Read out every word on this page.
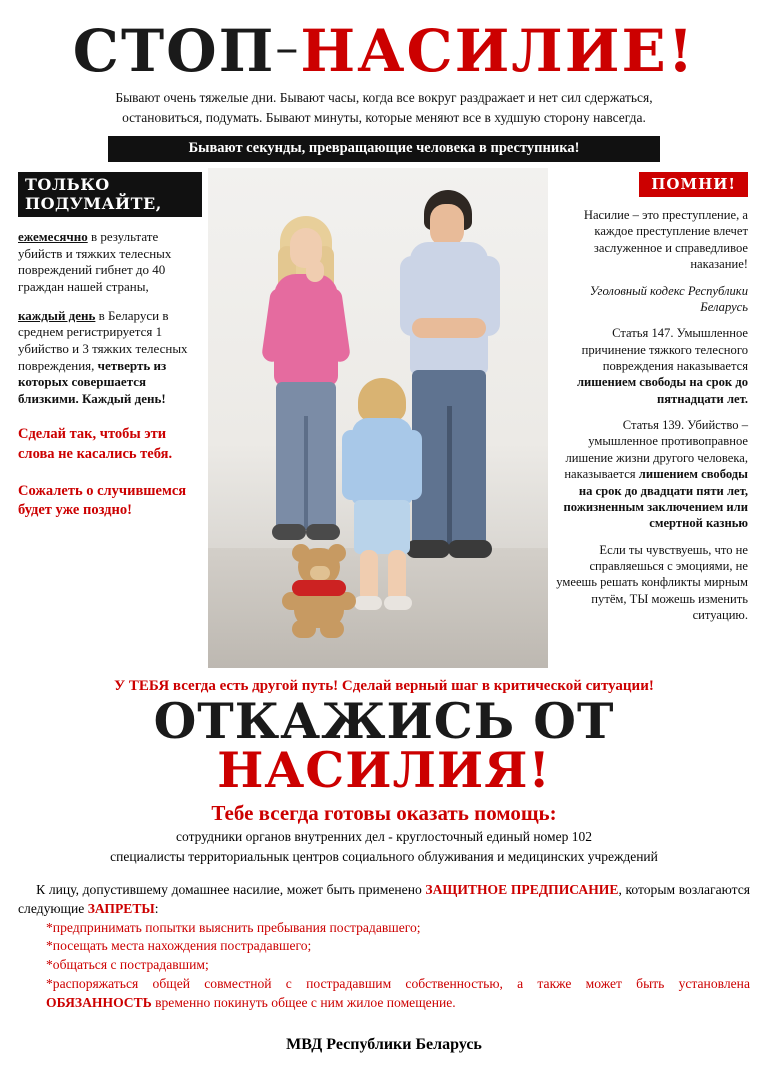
СТОП–НАСИЛИЕ!
Бывают очень тяжелые дни. Бывают часы, когда все вокруг раздражает и нет сил сдержаться,
остановиться, подумать. Бывают минуты, которые меняют все в худшую сторону навсегда.
Бывают секунды, превращающие человека в преступника!
ТОЛЬКО ПОДУМАЙТЕ,
ежемесячно в результате убийств и тяжких телесных повреждений гибнет до 40 граждан нашей страны,
каждый день в Беларуси в среднем регистрируется 1 убийство и 3 тяжких телесных повреждения, четверть из которых совершается близкими. Каждый день!
Сделай так, чтобы эти слова не касались тебя.
Сожалеть о случившемся будет уже поздно!
ПОМНИ!
Насилие – это преступление, а каждое преступление влечет заслуженное и справедливое наказание!
Уголовный кодекс Республики Беларусь
Статья 147. Умышленное причинение тяжкого телесного повреждения наказывается лишением свободы на срок до пятнадцати лет.
Статья 139. Убийство – умышленное противоправное лишение жизни другого человека, наказывается лишением свободы на срок до двадцати пяти лет, пожизненным заключением или смертной казнью
Если ты чувствуешь, что не справляешься с эмоциями, не умеешь решать конфликты мирным путём, ТЫ можешь изменить ситуацию.
У ТЕБЯ всегда есть другой путь! Сделай верный шаг в критической ситуации!
ОТКАЖИСЬ ОТ НАСИЛИЯ!
Тебе всегда готовы оказать помощь:
сотрудники органов внутренних дел - круглосточный единый номер 102
специалисты территориальнык центров социального облуживания и медицинских учреждений
К лицу, допустившему домашнее насилие, может быть применено ЗАЩИТНОЕ ПРЕДПИСАНИЕ, которым возлагаются следующие ЗАПРЕТЫ:
*предпринимать попытки выяснить пребывания пострадавшего;
*посещать места нахождения пострадавшего;
*общаться с пострадавшим;
*распоряжаться общей совместной с пострадавшим собственностью, а также может быть установлена ОБЯЗАННОСТЬ временно покинуть общее с ним жилое помещение.
МВД Республики Беларусь
